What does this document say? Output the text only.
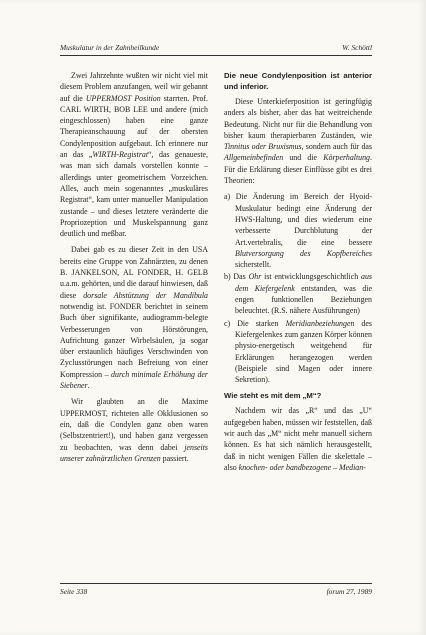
Muskulatur in der Zahnheilkunde	W. Schöttl

Zwei Jahrzehnte wußten wir nicht viel mit diesem Problem anzufangen, weil wir gebannt auf die UPPERMOST Position starrten. Prof. CARL WIRTH, BOB LEE und andere (mich eingeschlossen) haben eine ganze Therapieanschauung auf der obersten Condylenposition aufgebaut. Ich erinnere nur an das „WIRTH-Registrat“, das genaueste, was man sich damals vorstellen konnte – allerdings unter geometrischem Vorzeichen. Alles, auch mein sogenanntes „muskuläres Registrat“, kam unter manueller Manipulation zustande – und dieses letztere veränderte die Propriozeption und Muskelspannung ganz deutlich und meßbar.

Dabei gab es zu dieser Zeit in den USA bereits eine Gruppe von Zahnärzten, zu denen B. JANKELSON, AL FONDER, H. GELB u.a.m. gehörten, und die darauf hinwiesen, daß diese dorsale Abstützung der Mandibula notwendig ist. FONDER berichtet in seinem Buch über signifikante, audiogramm-belegte Verbesserungen von Hörstörungen, Aufrichtung ganzer Wirbelsäulen, ja sogar über erstaunlich häufiges Verschwinden von Zyclusstörungen nach Befreiung von einer Kompression – durch minimale Erhöhung der Siebener.

Wir glaubten an die Maxime UPPERMOST, richteten alle Okklusionen so ein, daß die Condylen ganz oben waren (Selbstzentriert!), und haben ganz vergessen zu beobachten, was denn dabei jenseits unserer zahnärztlichen Grenzen passiert.

Die neue Condylenposition ist anterior und inferior.

Diese Unterkieferposition ist geringfügig anders als bisher, aber das hat weitreichende Bedeutung. Nicht nur für die Behandlung von bisher kaum therapierbaren Zuständen, wie Tinnitus oder Bruxismus, sondern auch für das Allgemeinbefinden und die Körperhaltung. Für die Erklärung dieser Einflüsse gibt es drei Theorien:

a) Die Änderung im Bereich der Hyoid-Muskulatur bedingt eine Änderung der HWS-Haltung, und dies wiederum eine verbesserte Durchblutung der Art.vertebralis, die eine bessere Blutversorgung des Kopfbereiches sicherstellt.
b) Das Ohr ist entwicklungsgeschichtlich aus dem Kiefergelenk entstanden, was die engen funktionellen Beziehungen beleuchtet. (R.S. nähere Ausführungen)
c) Die starken Meridianbeziehungen des Kiefergelenkes zum ganzen Körper können physio-energetisch weitgehend für Erklärungen herangezogen werden (Beispiele sind Magen oder innere Sekretion).
Wie steht es mit dem „M“?

Nachdem wir das „R“ und das „U“ aufgegeben haben, müssen wir feststellen, daß wir auch das „M“ nicht mehr manuell sichern können. Es hat sich nämlich herausgestellt, daß in nicht wenigen Fällen die skelettale – also knochen- oder bandbezogene – Median-

Seite 338	forum 27, 1989
